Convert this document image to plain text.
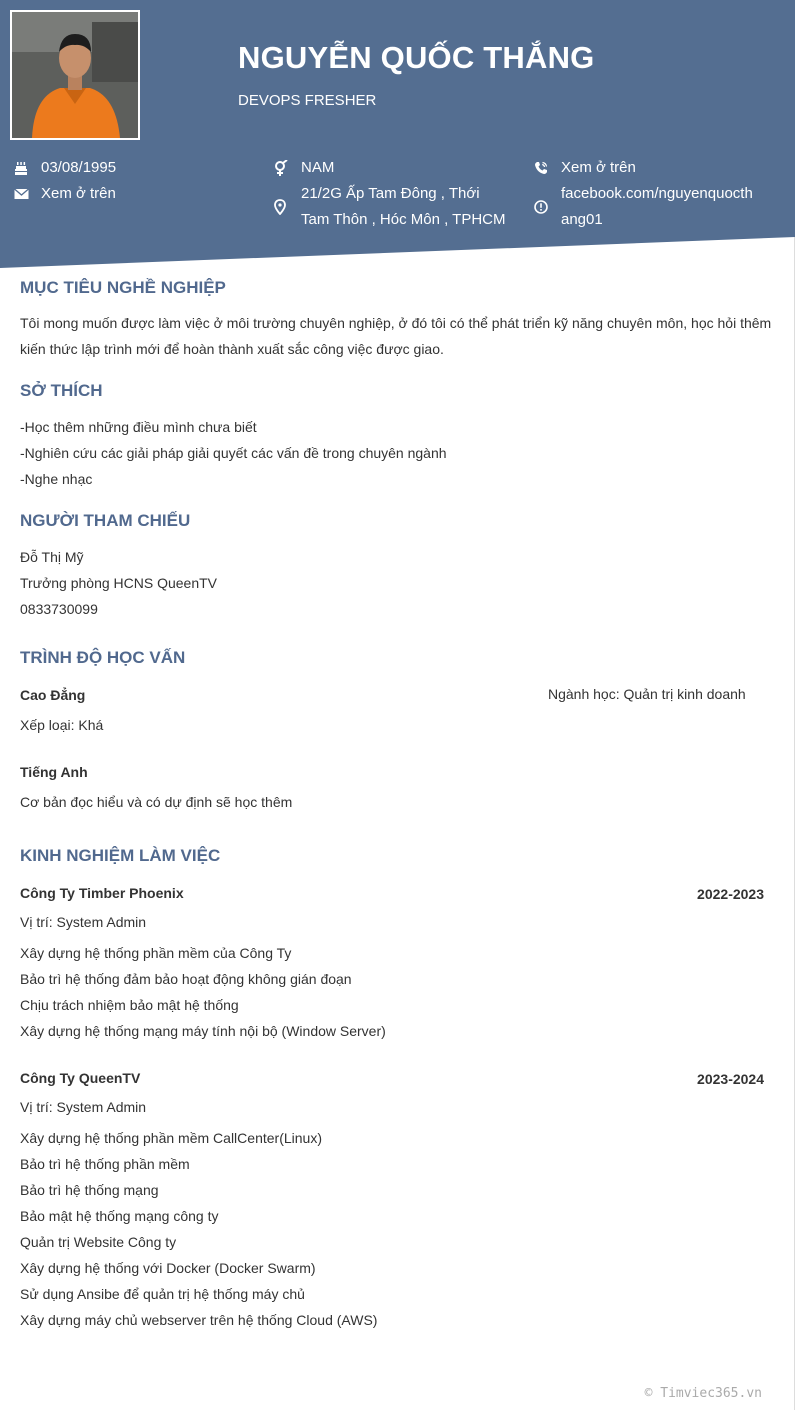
NGUYỄN QUỐC THẮNG
DEVOPS FRESHER
03/08/1995
Xem ở trên
NAM
21/2G Ấp Tam Đông , Thới
Tam Thôn , Hóc Môn , TPHCM
Xem ở trên
facebook.com/nguyenquocth
ang01
MỤC TIÊU NGHỀ NGHIỆP
Tôi mong muốn được làm việc ở môi trường chuyên nghiệp, ở đó tôi có thể phát triển kỹ năng chuyên môn, học hỏi thêm
kiến thức lập trình mới để hoàn thành xuất sắc công việc được giao.
SỞ THÍCH
-Học thêm những điều mình chưa biết
-Nghiên cứu các giải pháp giải quyết các vấn đề trong chuyên ngành
-Nghe nhạc
NGƯỜI THAM CHIẾU
Đỗ Thị Mỹ
Trưởng phòng HCNS QueenTV
0833730099
TRÌNH ĐỘ HỌC VẤN
Cao Đẳng	Ngành học: Quản trị kinh doanh
Xếp loại: Khá
Tiếng Anh
Cơ bản đọc hiểu và có dự định sẽ học thêm
KINH NGHIỆM LÀM VIỆC
Công Ty Timber Phoenix	2022-2023
Vị trí: System Admin
Xây dựng hệ thống phần mềm của Công Ty
Bảo trì hệ thống đảm bảo hoạt động không gián đoạn
Chịu trách nhiệm bảo mật hệ thống
Xây dựng hệ thống mạng máy tính nội bộ (Window Server)
Công Ty QueenTV	2023-2024
Vị trí: System Admin
Xây dựng hệ thống phần mềm CallCenter(Linux)
Bảo trì hệ thống phần mềm
Bảo trì hệ thống mạng
Bảo mật hệ thống mạng công ty
Quản trị Website Công ty
Xây dựng hệ thống với Docker (Docker Swarm)
Sử dụng Ansibe để quản trị hệ thống máy chủ
Xây dựng máy chủ webserver trên hệ thống Cloud (AWS)
© Timviec365.vn
